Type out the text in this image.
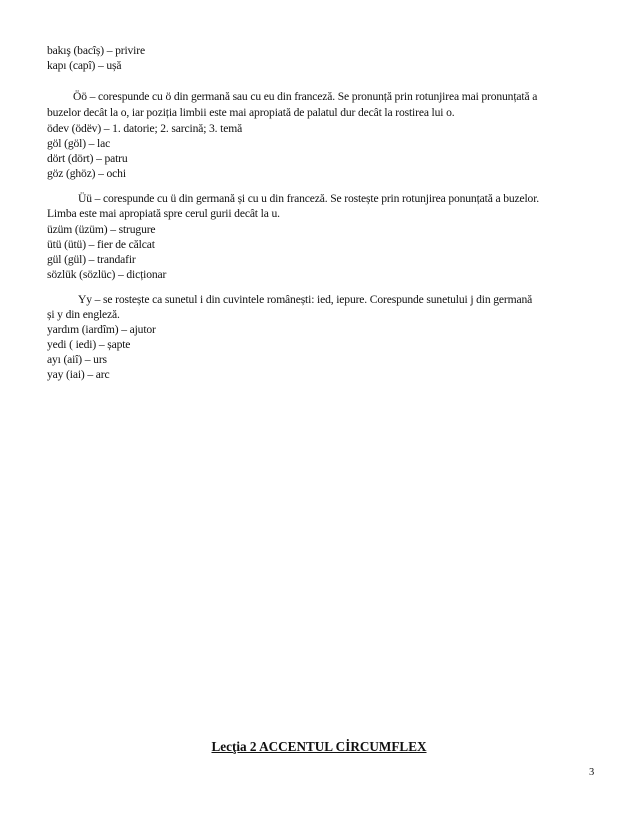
bakış (bacîș) – privire
kapı (capî) – ușă
Öö – corespunde cu ö din germană sau cu eu din franceză. Se pronunță prin rotunjirea mai pronunțată a
buzelor decât la o, iar poziția limbii este mai apropiată de palatul dur decât la rostirea lui o.
ödev (ödëv) – 1. datorie; 2. sarcină; 3. temă
göl (göl) – lac
dört (dört) – patru
göz (ghöz) – ochi
Üü – corespunde cu ü din germană și cu u din franceză. Se rostește prin rotunjirea ponunțată a buzelor.
Limba este mai apropiată spre cerul gurii decât la u.
üzüm (üzüm) – strugure
ütü (ütü) – fier de călcat
gül (gül) – trandafir
sözlük (sözlüc) – dicționar
Yy – se rostește ca sunetul i din cuvintele românești: ied, iepure. Corespunde sunetului j din germană
și y din engleză.
yardım (iardîm) – ajutor
yedi ( iedi) – șapte
ayı (aiî) – urs
yay (iai) – arc
Lecţia 2 ACCENTUL CİRCUMFLEX
3
